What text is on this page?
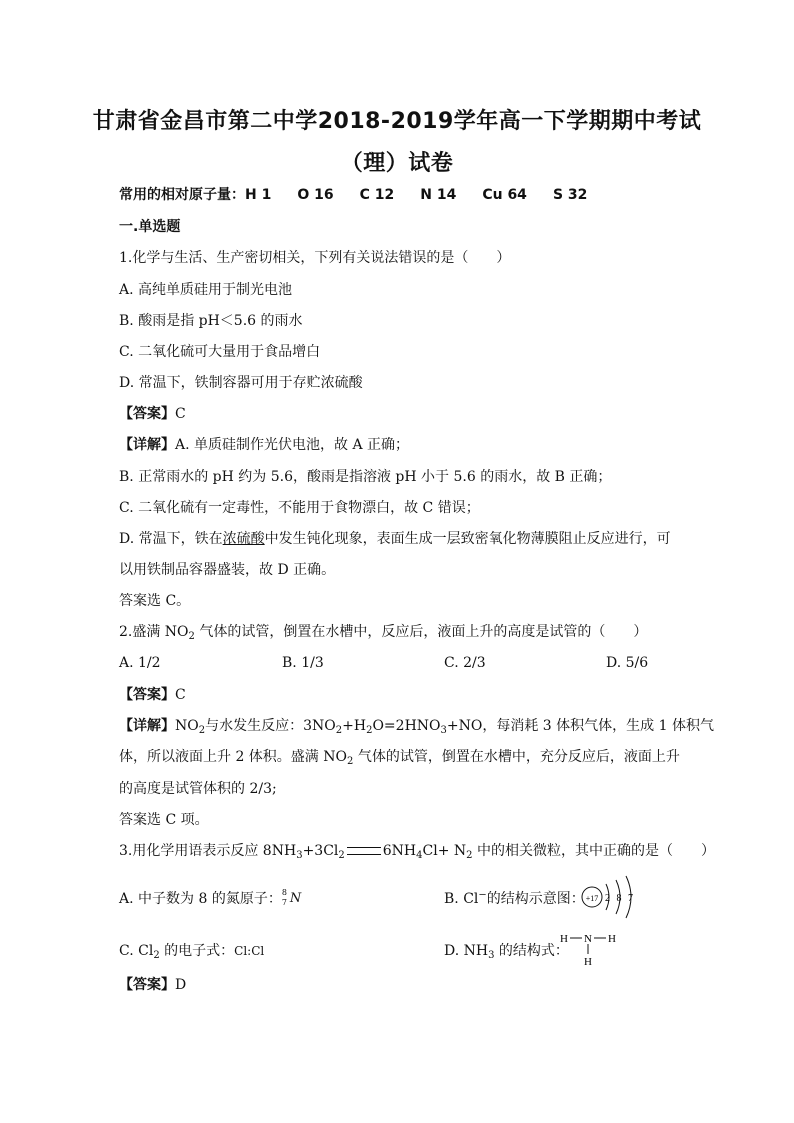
甘肃省金昌市第二中学2018-2019学年高一下学期期中考试
（理）试卷
常用的相对原子量：H 1 O 16 C 12 N 14 Cu 64 S 32
一.单选题
1.化学与生活、生产密切相关，下列有关说法错误的是（　　）
A. 高纯单质硅用于制光电池
B. 酸雨是指 pH＜5.6 的雨水
C. 二氧化硫可大量用于食品增白
D. 常温下，铁制容器可用于存贮浓硫酸
【答案】C
【详解】A. 单质硅制作光伏电池，故 A 正确；
B. 正常雨水的 pH 约为 5.6，酸雨是指溶液 pH 小于 5.6 的雨水，故 B 正确；
C. 二氧化硫有一定毒性，不能用于食物漂白，故 C 错误；
D. 常温下，铁在浓硫酸中发生钝化现象，表面生成一层致密氧化物薄膜阻止反应进行，可
以用铁制品容器盛装，故 D 正确。
答案选 C。
2.盛满 $NO_2$ 气体的试管，倒置在水槽中，反应后，液面上升的高度是试管的（　　）
A. 1/2	B. 1/3	C. 2/3	D. 5/6
【答案】C
【详解】$NO_2$与水发生反应：$3NO_2+H_2O=2HNO_3+NO$，每消耗 3 体积气体，生成 1 体积气
体，所以液面上升 2 体积。盛满 $NO_2$ 气体的试管，倒置在水槽中，充分反应后，液面上升
的高度是试管体积的 2/3;
答案选 C 项。
3.用化学用语表示反应 $8NH_3+3Cl_2$	$6NH_4Cl+ N_2$ 中的相关微粒，其中正确的是（　　）
A. 中子数为 8 的氮原子： 8
7 N	B. Cl−的结构示意图： +17 2 8 7
C. $Cl_2$ 的电子式：Cl:Cl	D. $NH_3$ 的结构式：
H N H
H
【答案】D
